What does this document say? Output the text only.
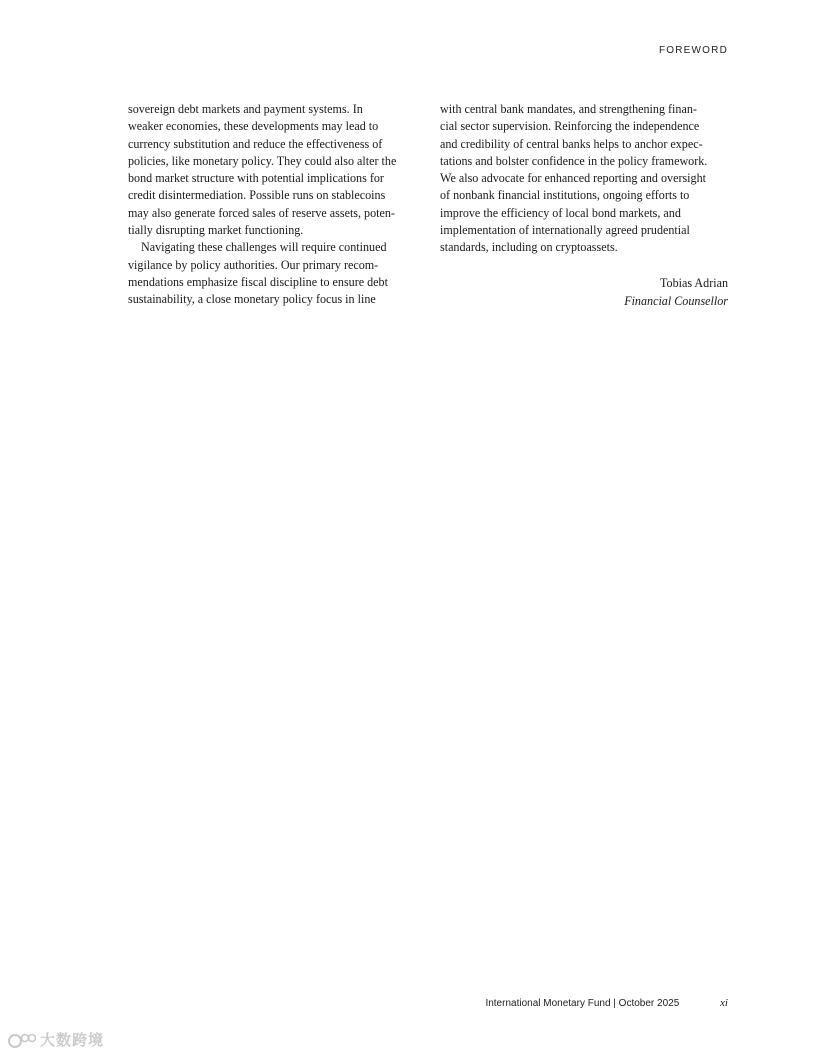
FOREWORD
sovereign debt markets and payment systems. In
weaker economies, these developments may lead to
currency substitution and reduce the effectiveness of
policies, like monetary policy. They could also alter the
bond market structure with potential implications for
credit disintermediation. Possible runs on stablecoins
may also generate forced sales of reserve assets, poten-
tially disrupting market functioning.
Navigating these challenges will require continued
vigilance by policy authorities. Our primary recom-
mendations emphasize fiscal discipline to ensure debt
sustainability, a close monetary policy focus in line
with central bank mandates, and strengthening finan-
cial sector supervision. Reinforcing the independence
and credibility of central banks helps to anchor expec-
tations and bolster confidence in the policy framework.
We also advocate for enhanced reporting and oversight
of nonbank financial institutions, ongoing efforts to
improve the efficiency of local bond markets, and
implementation of internationally agreed prudential
standards, including on cryptoassets.
Tobias Adrian
Financial Counsellor
International Monetary Fund | October 2025	xi
大数跨境
